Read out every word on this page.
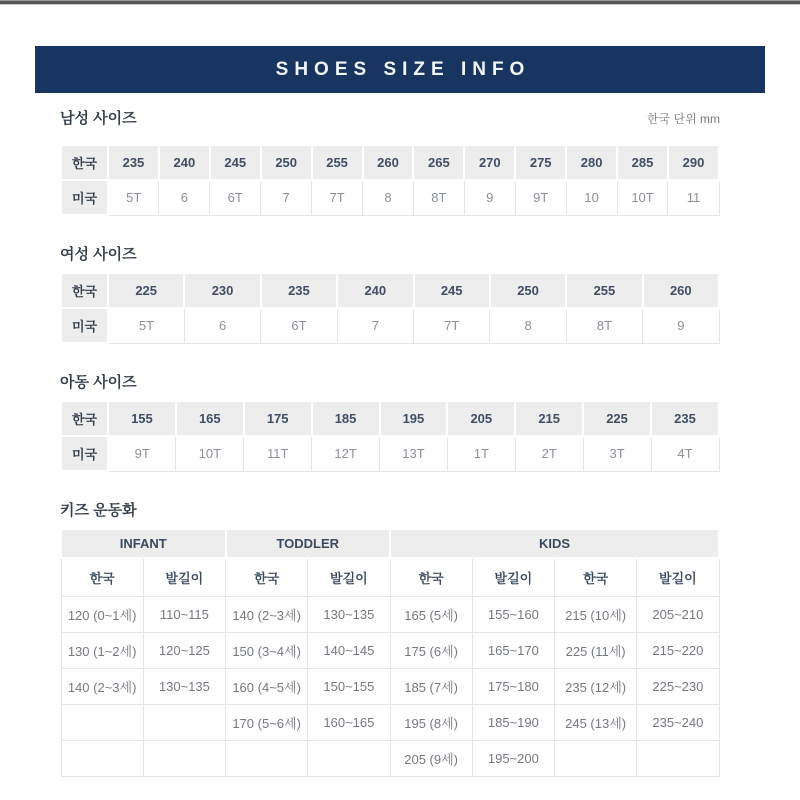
SHOES SIZE INFO
남성 사이즈	한국 단위 mm
한국	235	240	245	250	255	260	265	270	275	280	285	290
미국	5T	6	6T	7	7T	8	8T	9	9T	10	10T	11
여성 사이즈
한국	225	230	235	240	245	250	255	260
미국	5T	6	6T	7	7T	8	8T	9
아동 사이즈
한국	155	165	175	185	195	205	215	225	235
미국	9T	10T	11T	12T	13T	1T	2T	3T	4T
키즈 운동화
INFANT		TODDLER		KIDS			
한국	발길이	한국	발길이	한국	발길이	한국	발길이
120 (0~1세)	110~115	140 (2~3세)	130~135	165 (5세)	155~160	215 (10세)	205~210
130 (1~2세)	120~125	150 (3~4세)	140~145	175 (6세)	165~170	225 (11세)	215~220
140 (2~3세)	130~135	160 (4~5세)	150~155	185 (7세)	175~180	235 (12세)	225~230
		170 (5~6세)	160~165	195 (8세)	185~190	245 (13세)	235~240
				205 (9세)	195~200		
